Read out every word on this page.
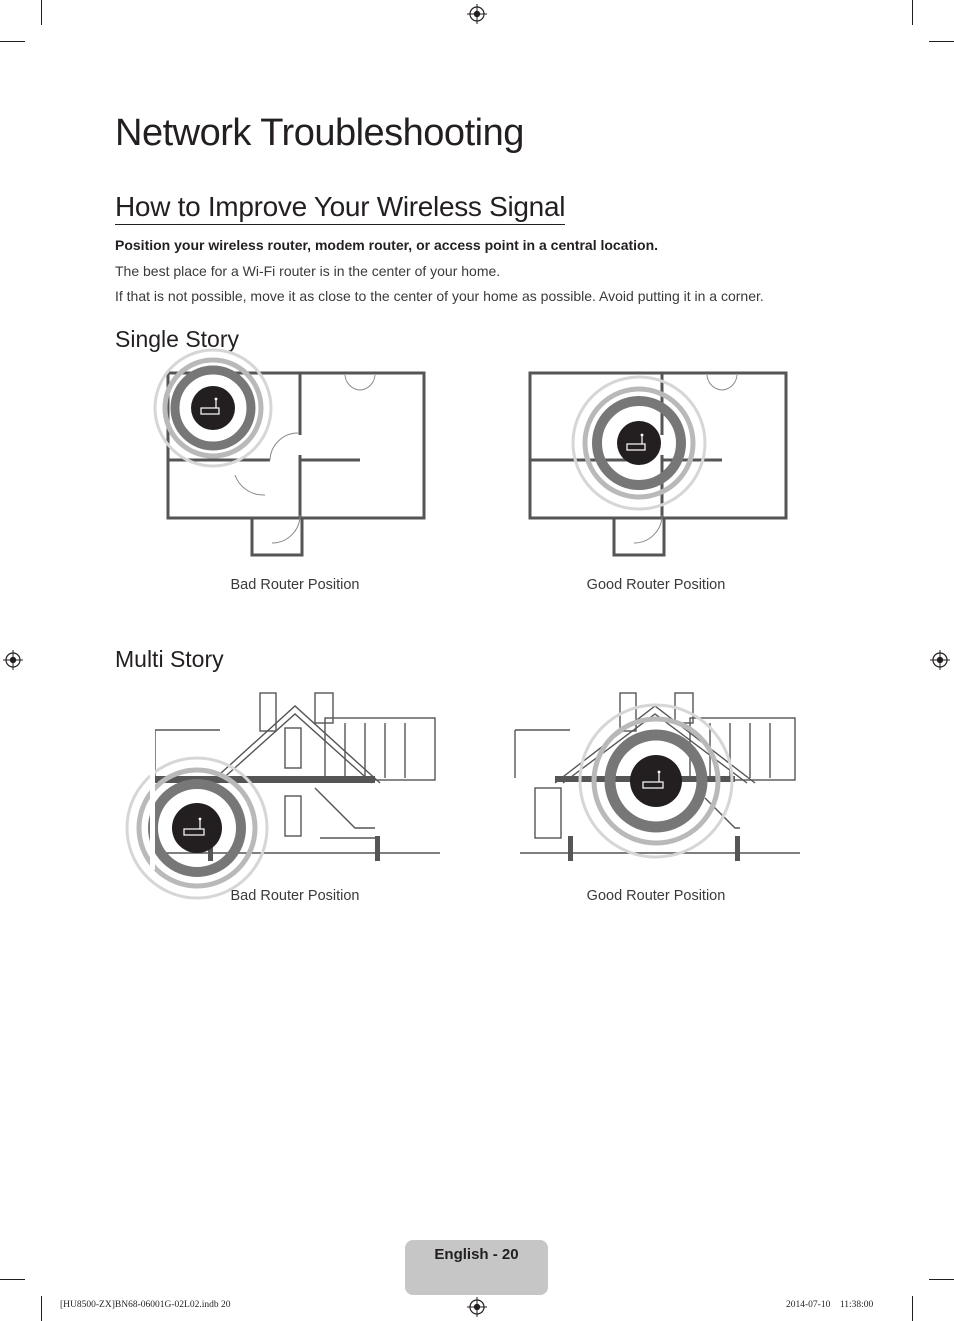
Network Troubleshooting
How to Improve Your Wireless Signal
Position your wireless router, modem router, or access point in a central location.
The best place for a Wi-Fi router is in the center of your home.
If that is not possible, move it as close to the center of your home as possible. Avoid putting it in a corner.
Single Story
Bad Router Position	Good Router Position
Multi Story
Bad Router Position	Good Router Position
English - 20
[HU8500-ZX]BN68-06001G-02L02.indb 20	2014-07-10    11:38:00
